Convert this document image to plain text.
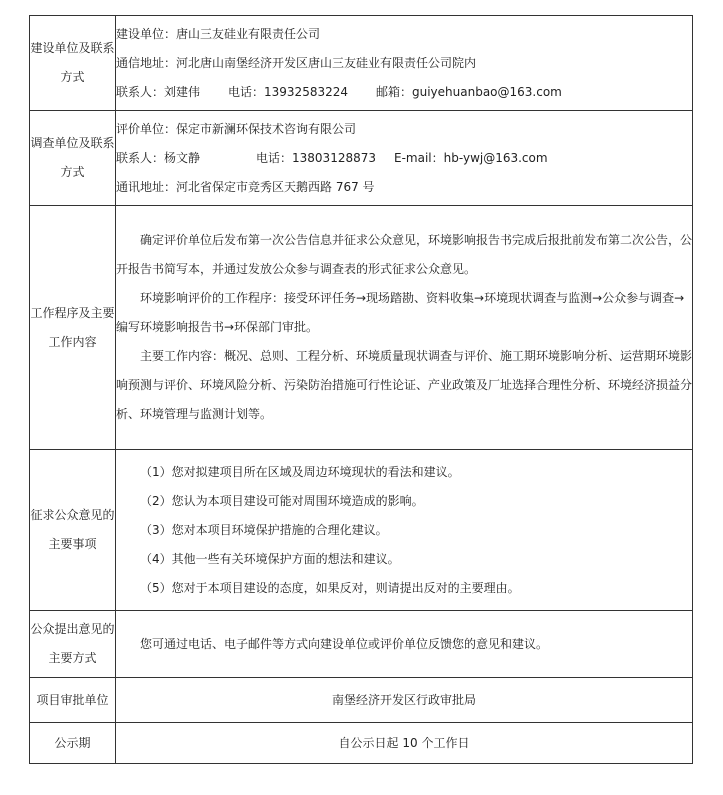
建设单位及联系方式	建设单位：唐山三友硅业有限责任公司
通信地址：河北唐山南堡经济开发区唐山三友硅业有限责任公司院内
联系人：刘建伟 电话：13932583224 邮箱：guiyehuanbao@163.com

调查单位及联系方式	评价单位：保定市新澜环保技术咨询有限公司
联系人：杨文静 电话：13803128873 E-mail：hb-ywj@163.com
通讯地址：河北省保定市竞秀区天鹅西路 767 号

工作程序及主要工作内容	确定评价单位后发布第一次公告信息并征求公众意见，环境影响报告书完成后报批前发布第二次公告，公开报告书简写本，并通过发放公众参与调查表的形式征求公众意见。

环境影响评价的工作程序：接受环评任务→现场踏勘、资料收集→环境现状调查与监测→公众参与调查→编写环境影响报告书→环保部门审批。

主要工作内容：概况、总则、工程分析、环境质量现状调查与评价、施工期环境影响分析、运营期环境影响预测与评价、环境风险分析、污染防治措施可行性论证、产业政策及厂址选择合理性分析、环境经济损益分析、环境管理与监测计划等。

征求公众意见的主要事项	（1）您对拟建项目所在区域及周边环境现状的看法和建议。

（2）您认为本项目建设可能对周围环境造成的影响。

（3）您对本项目环境保护措施的合理化建议。

（4）其他一些有关环境保护方面的想法和建议。

（5）您对于本项目建设的态度，如果反对，则请提出反对的主要理由。

公众提出意见的主要方式	您可通过电话、电子邮件等方式向建设单位或评价单位反馈您的意见和建议。

项目审批单位	南堡经济开发区行政审批局
公示期	自公示日起 10 个工作日
